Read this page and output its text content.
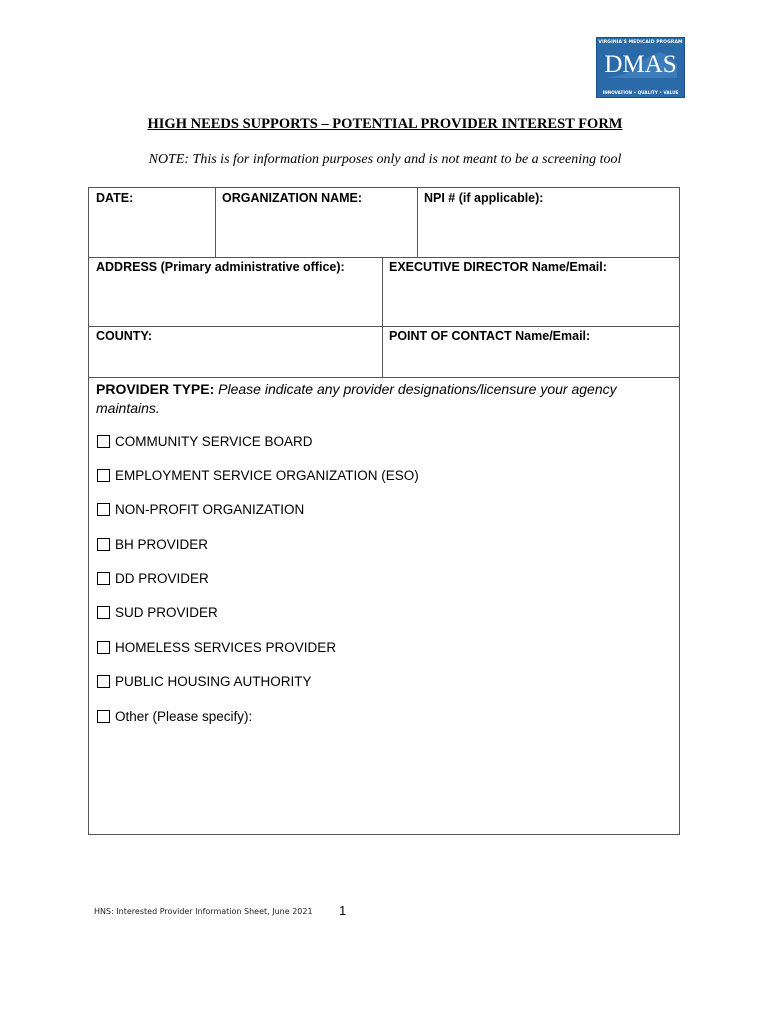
VIRGINIA'S MEDICAID PROGRAM
DMAS
INNOVATION • QUALITY • VALUE
HIGH NEEDS SUPPORTS – POTENTIAL PROVIDER INTEREST FORM
NOTE: This is for information purposes only and is not meant to be a screening tool
DATE:	ORGANIZATION NAME:	NPI # (if applicable):
ADDRESS (Primary administrative office):	EXECUTIVE DIRECTOR Name/Email:
COUNTY:	POINT OF CONTACT Name/Email:
PROVIDER TYPE: Please indicate any provider designations/licensure your agency maintains.
COMMUNITY SERVICE BOARD
EMPLOYMENT SERVICE ORGANIZATION (ESO)
NON-PROFIT ORGANIZATION
BH PROVIDER
DD PROVIDER
SUD PROVIDER
HOMELESS SERVICES PROVIDER
PUBLIC HOUSING AUTHORITY
Other (Please specify):
HNS: Interested Provider Information Sheet, June 2021 1
